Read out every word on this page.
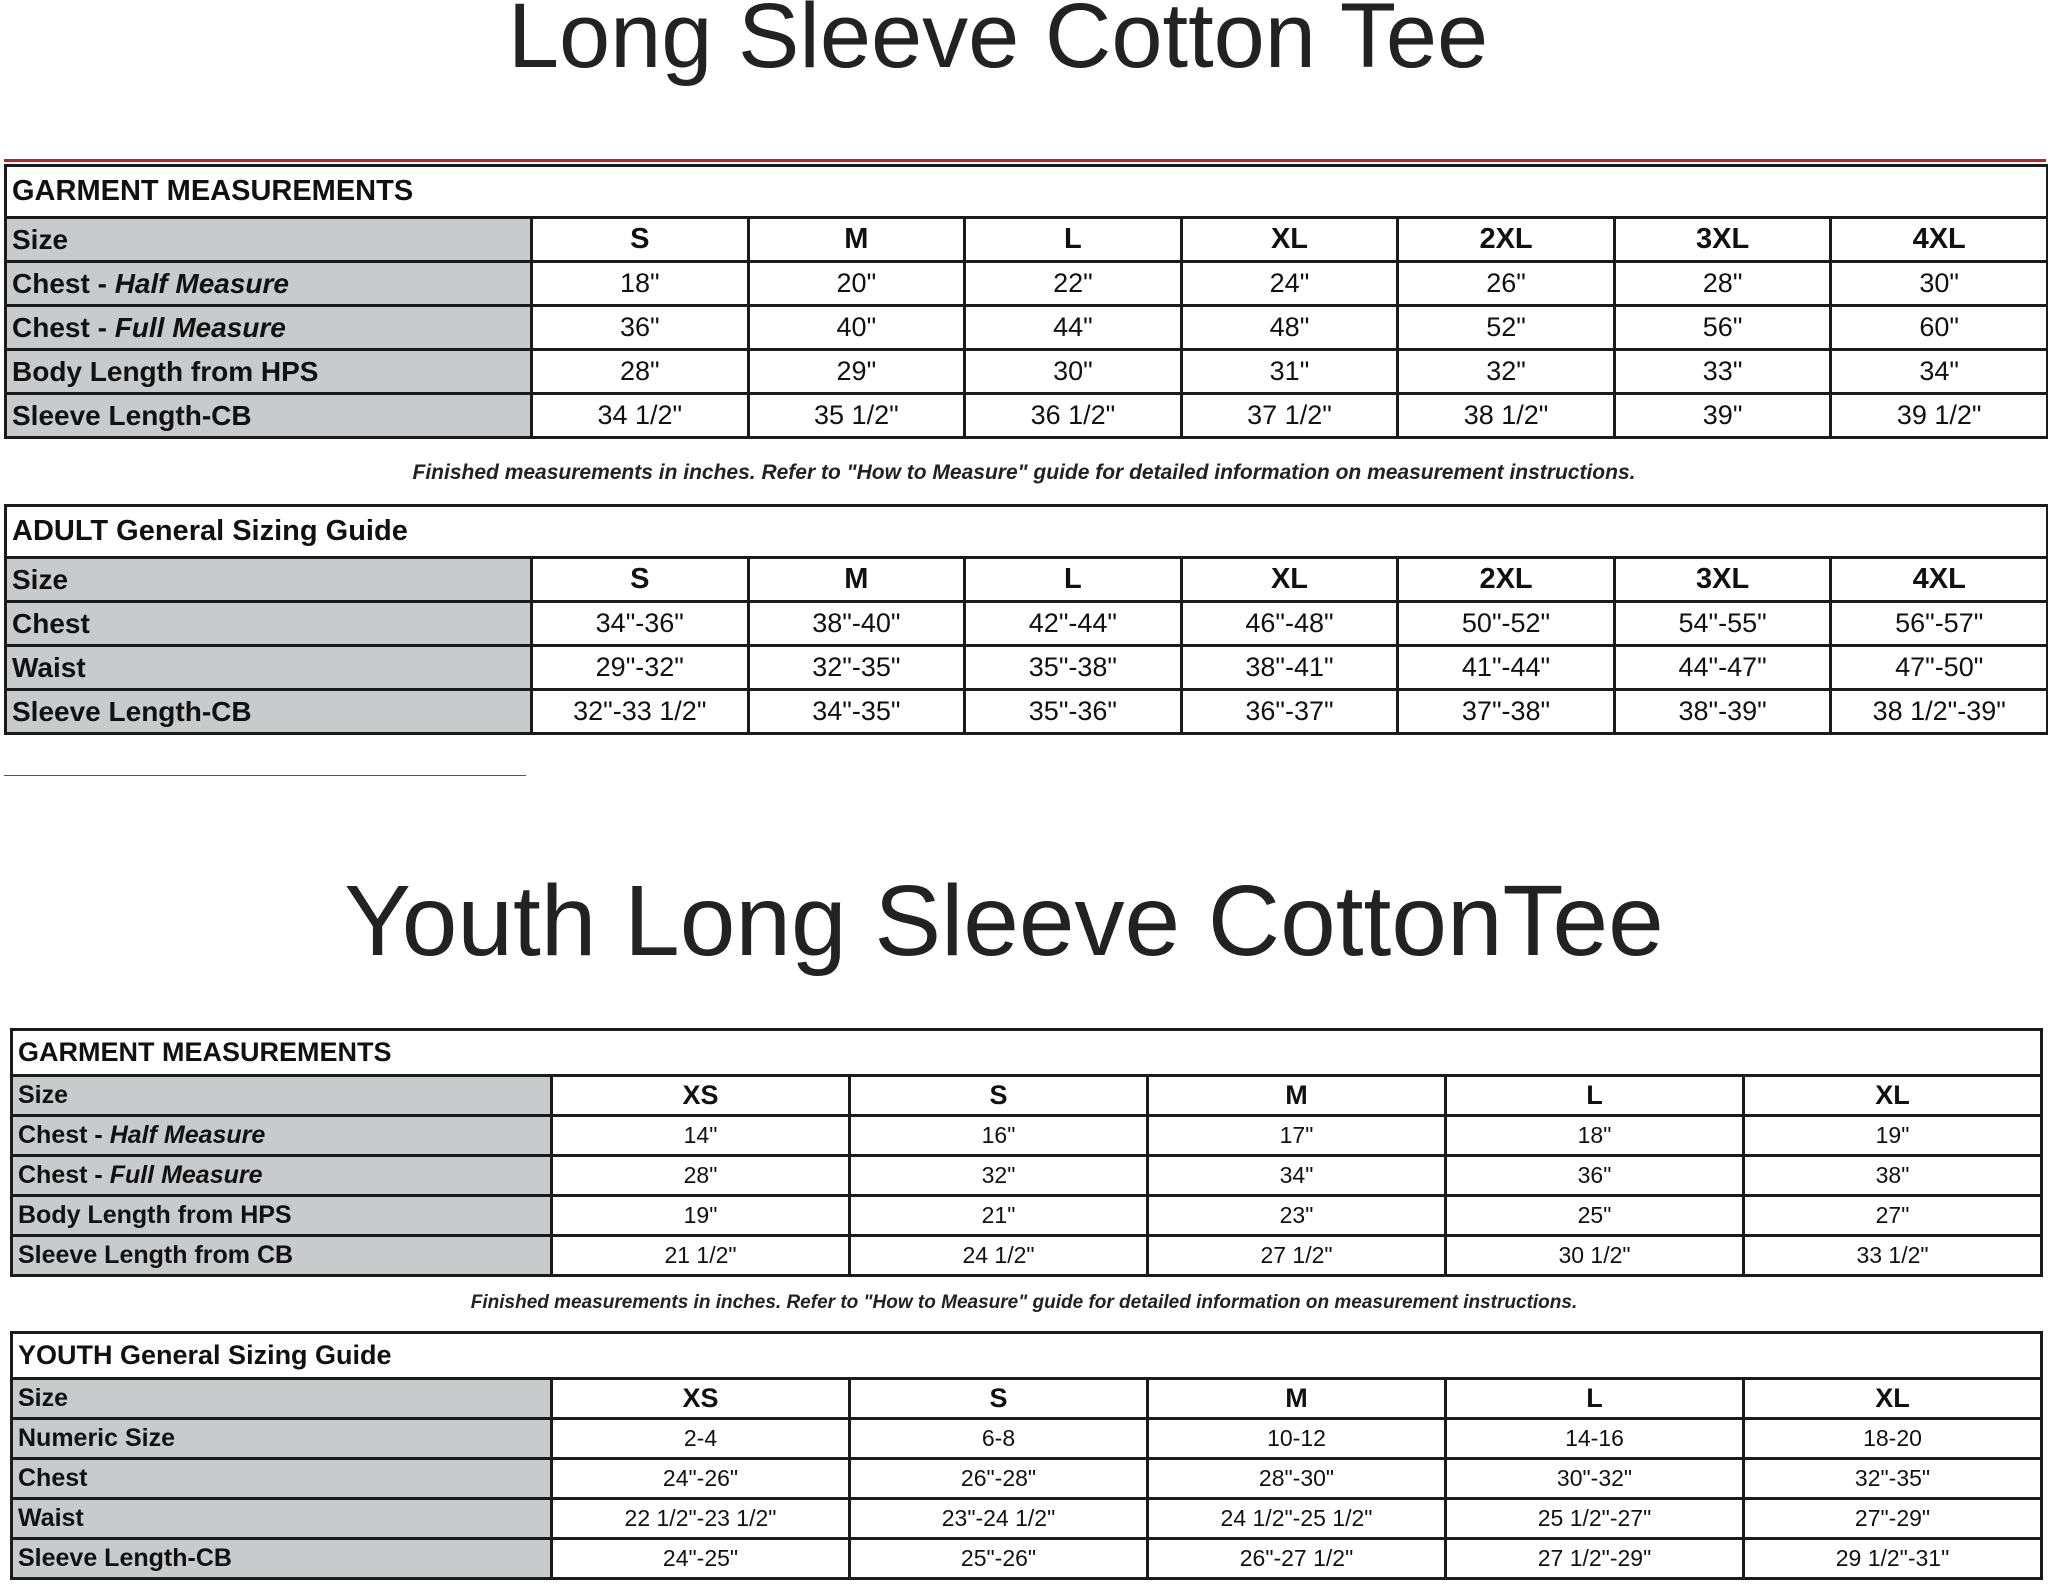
Long Sleeve Cotton Tee
GARMENT MEASUREMENTS							
Size	S	M	L	XL	2XL	3XL	4XL
Chest - Half Measure	18"	20"	22"	24"	26"	28"	30"
Chest - Full Measure	36"	40"	44"	48"	52"	56"	60"
Body Length from HPS	28"	29"	30"	31"	32"	33"	34"
Sleeve Length-CB	34 1/2"	35 1/2"	36 1/2"	37 1/2"	38 1/2"	39"	39 1/2"

Finished measurements in inches. Refer to "How to Measure" guide for detailed information on measurement instructions.

ADULT General Sizing Guide							
Size	S	M	L	XL	2XL	3XL	4XL
Chest	34"-36"	38"-40"	42"-44"	46"-48"	50"-52"	54"-55"	56"-57"
Waist	29"-32"	32"-35"	35"-38"	38"-41"	41"-44"	44"-47"	47"-50"
Sleeve Length-CB	32"-33 1/2"	34"-35"	35"-36"	36"-37"	37"-38"	38"-39"	38 1/2"-39"
Youth Long Sleeve CottonTee
GARMENT MEASUREMENTS					
Size	XS	S	M	L	XL
Chest - Half Measure	14"	16"	17"	18"	19"
Chest - Full Measure	28"	32"	34"	36"	38"
Body Length from HPS	19"	21"	23"	25"	27"
Sleeve Length from CB	21 1/2"	24 1/2"	27 1/2"	30 1/2"	33 1/2"

Finished measurements in inches. Refer to "How to Measure" guide for detailed information on measurement instructions.

YOUTH General Sizing Guide					
Size	XS	S	M	L	XL
Numeric Size	2-4	6-8	10-12	14-16	18-20
Chest	24"-26"	26"-28"	28"-30"	30"-32"	32"-35"
Waist	22 1/2"-23 1/2"	23"-24 1/2"	24 1/2"-25 1/2"	25 1/2"-27"	27"-29"
Sleeve Length-CB	24"-25"	25"-26"	26"-27 1/2"	27 1/2"-29"	29 1/2"-31"
